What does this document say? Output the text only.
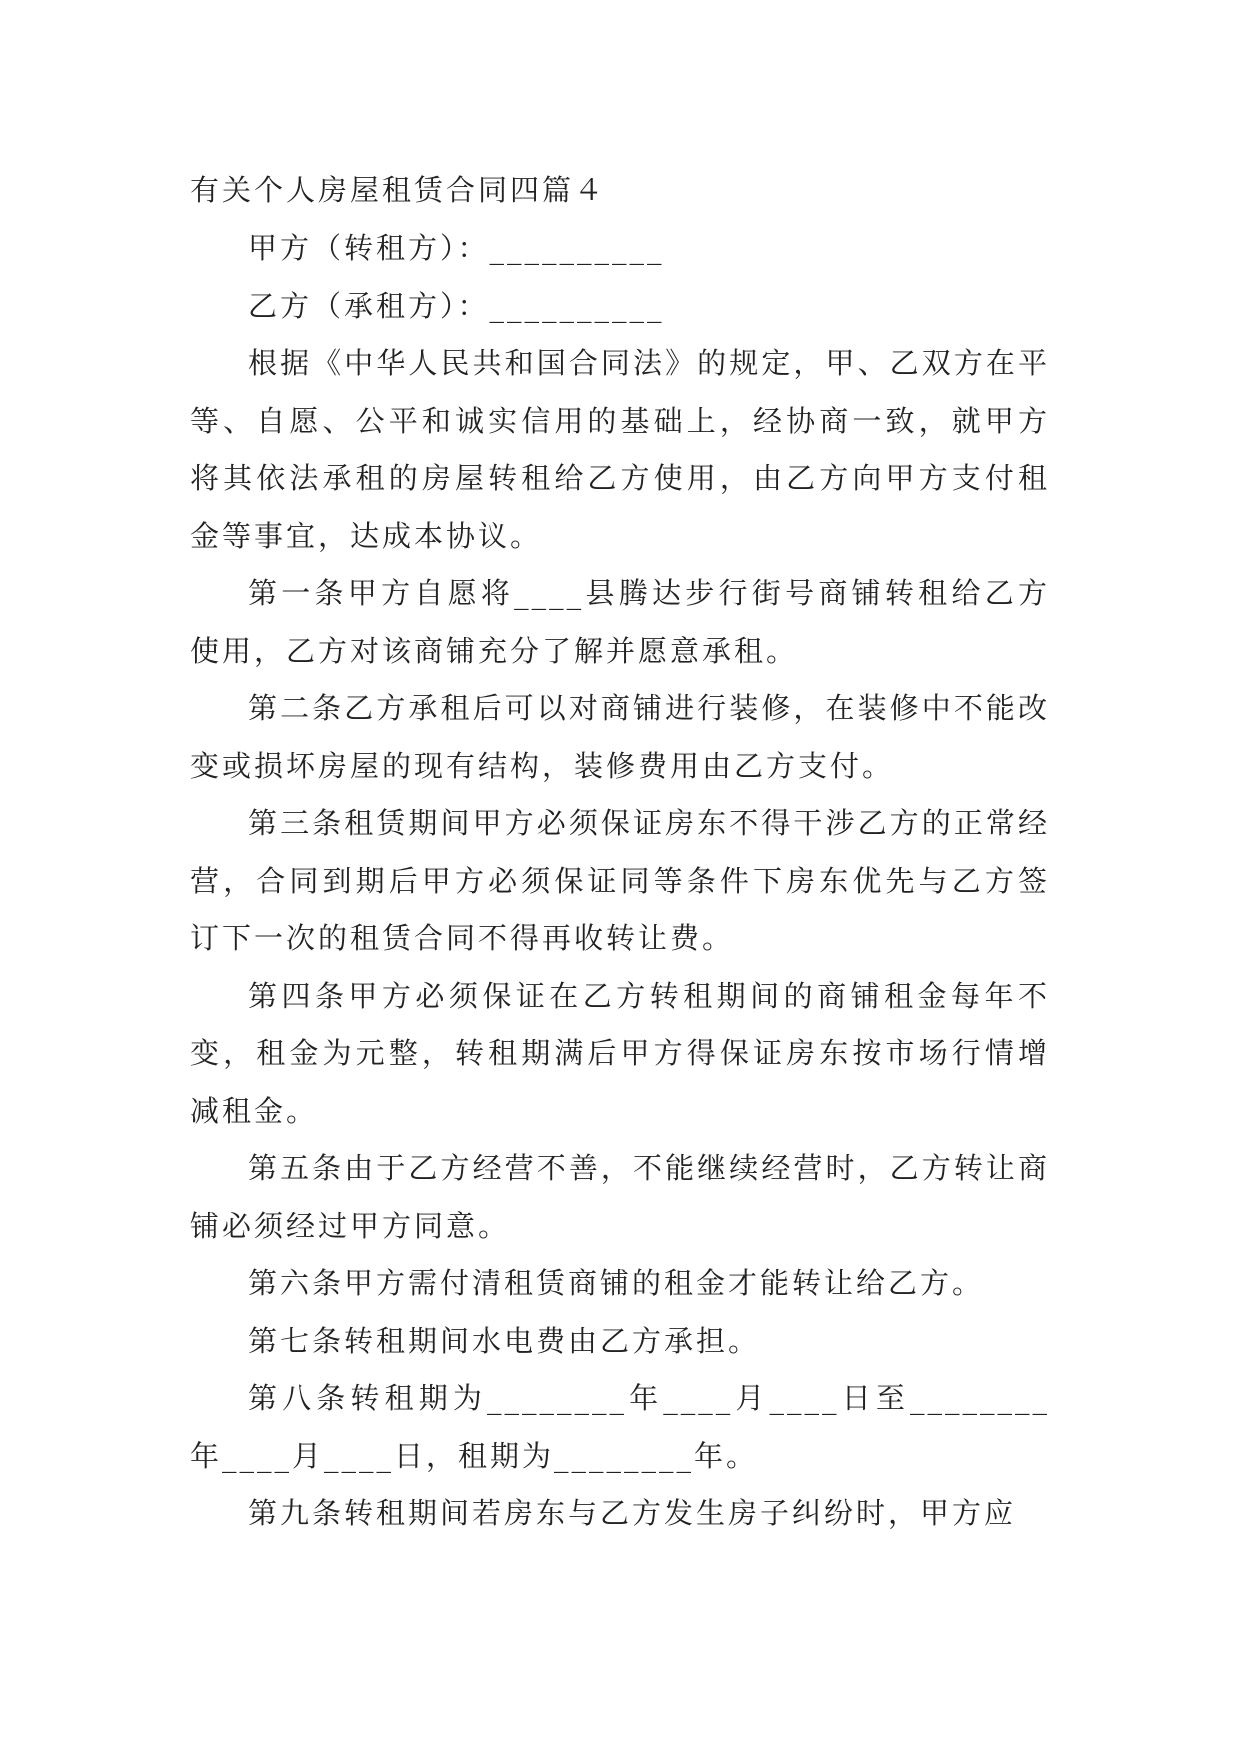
有关个人房屋租赁合同四篇４

甲方（转租方）：__________

乙方（承租方）：__________

根据《中华人民共和国合同法》的规定，甲、乙双方在平等、自愿、公平和诚实信用的基础上，经协商一致，就甲方将其依法承租的房屋转租给乙方使用，由乙方向甲方支付租金等事宜，达成本协议。

第一条甲方自愿将____县腾达步行街号商铺转租给乙方使用，乙方对该商铺充分了解并愿意承租。

第二条乙方承租后可以对商铺进行装修，在装修中不能改变或损坏房屋的现有结构，装修费用由乙方支付。

第三条租赁期间甲方必须保证房东不得干涉乙方的正常经营，合同到期后甲方必须保证同等条件下房东优先与乙方签订下一次的租赁合同不得再收转让费。

第四条甲方必须保证在乙方转租期间的商铺租金每年不变，租金为元整，转租期满后甲方得保证房东按市场行情增减租金。

第五条由于乙方经营不善，不能继续经营时，乙方转让商铺必须经过甲方同意。

第六条甲方需付清租赁商铺的租金才能转让给乙方。

第七条转租期间水电费由乙方承担。

第八条转租期为________年____月____日至________年____月____日，租期为________年。

第九条转租期间若房东与乙方发生房子纠纷时，甲方应
